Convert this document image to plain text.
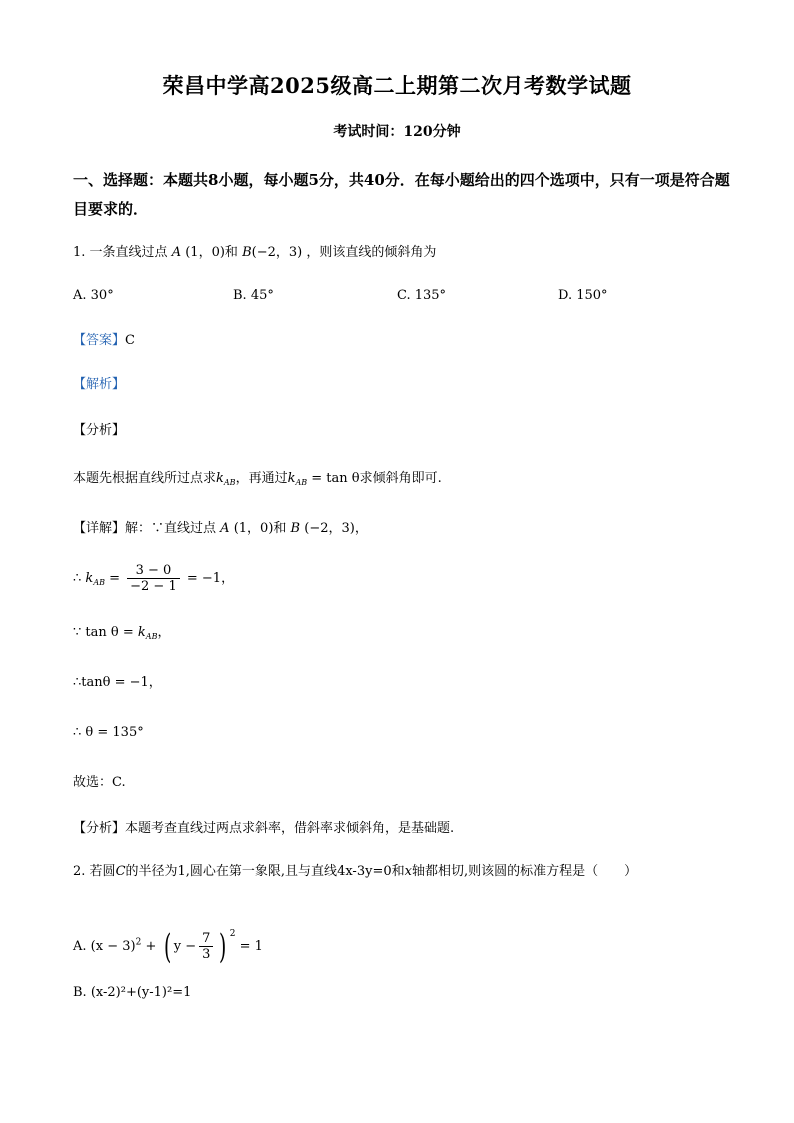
荣昌中学高2025级高二上期第二次月考数学试题
考试时间：120分钟
一、选择题：本题共8小题，每小题5分，共40分．在每小题给出的四个选项中，只有一项是符合题目要求的．
1. 一条直线过点 A (1，0)和 B(−2，3) ，则该直线的倾斜角为
A. 30°	B. 45°	C. 135°	D. 150°
【答案】C
【解析】
【分析】
本题先根据直线所过点求$k_{AB}$，再通过$k_{AB} = \tan \theta$求倾斜角即可.
【详解】解：∵直线过点 A (1，0)和 B (−2，3)，
∴ $k_{AB} = \frac{3 - 0}{-2 - 1} = -1$，
∵ $\tan \theta = k_{AB}$，
∴tanθ = −1，
∴ θ = 135°
故选：C.
【分析】本题考查直线过两点求斜率，借斜率求倾斜角，是基础题.
2. 若圆C的半径为1,圆心在第一象限,且与直线4x-3y=0和x轴都相切,则该圆的标准方程是（　　）
A. $(x - 3)^2$ + ( $y - \frac{7}{3}$ ) $^2$ = 1
B. (x-2)²+(y-1)²=1
